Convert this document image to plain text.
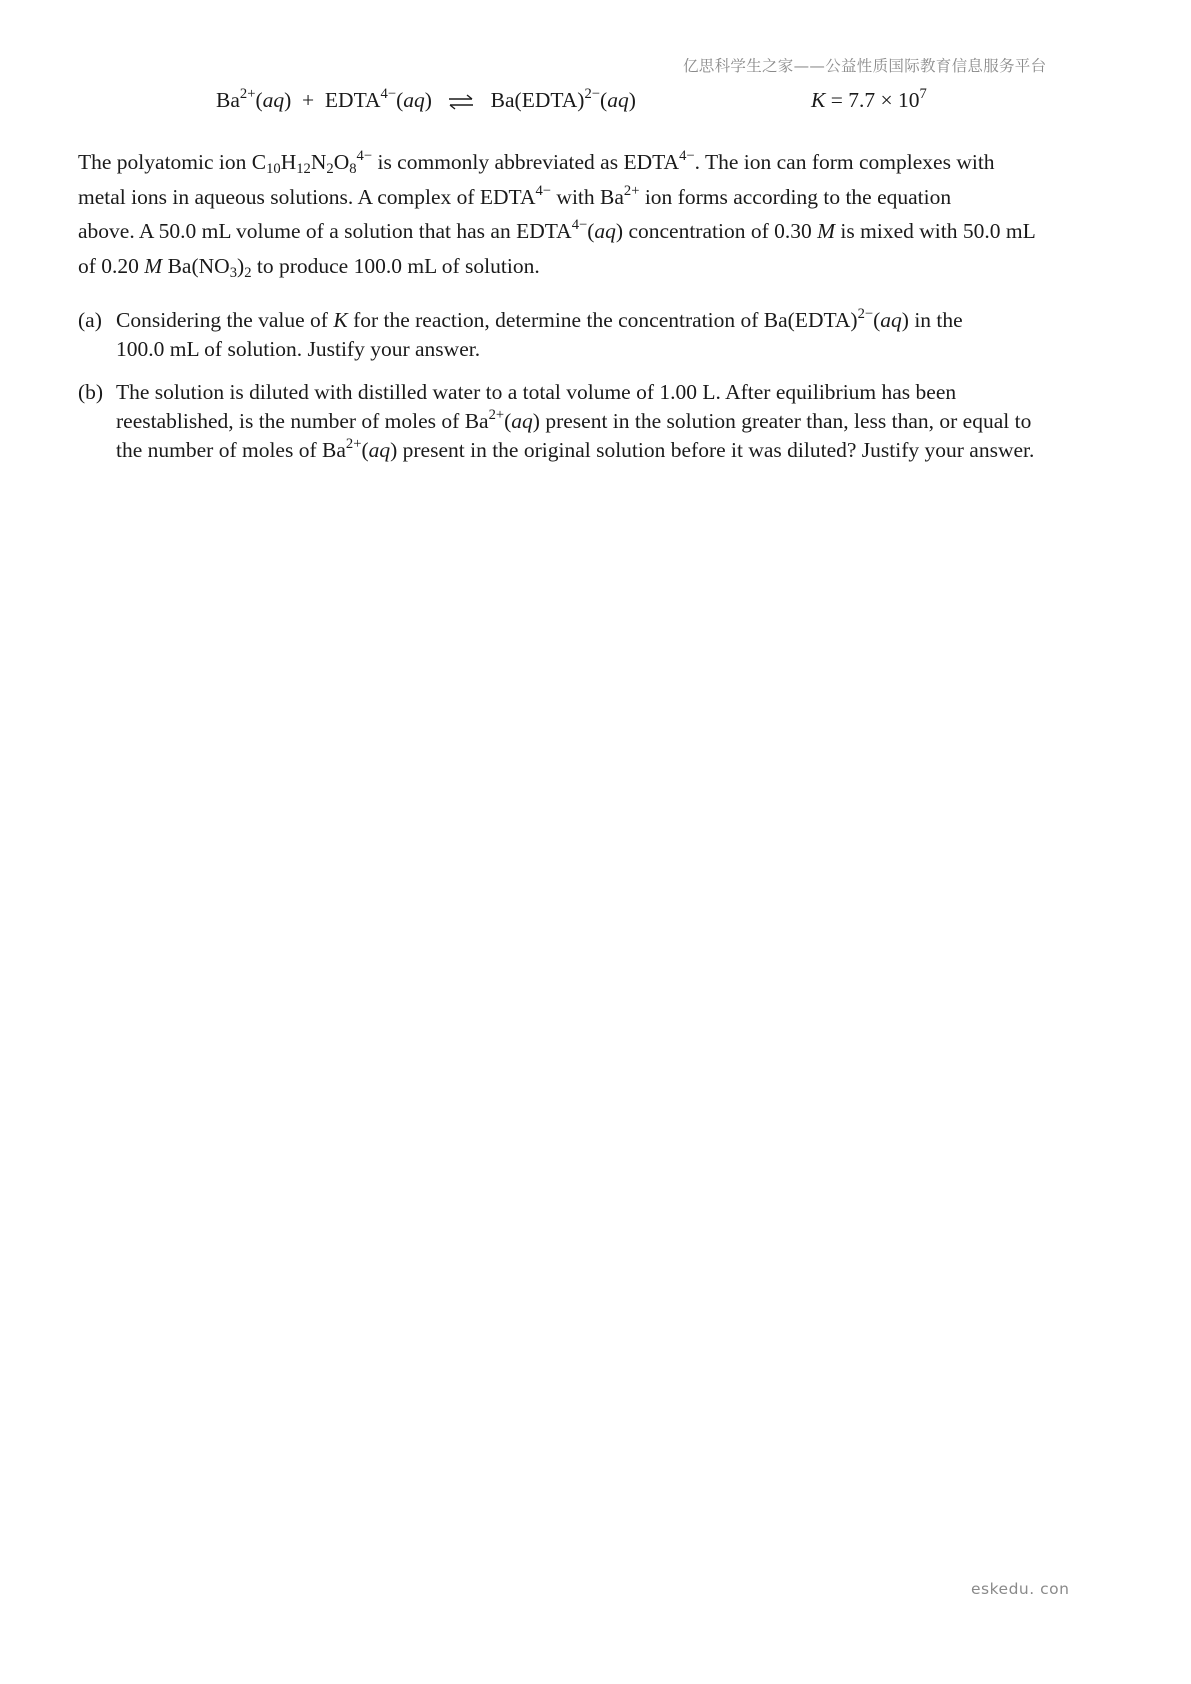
亿思科学生之家——公益性质国际教育信息服务平台
$Ba^{2+}(aq)$  + $EDTA^{4-}(aq)$ ⇌ Ba(EDTA)$^{2-}$(aq)	$K = 7.7 \times 10^7$
The polyatomic ion $C_{10}H_{12}N_2O_8^{4-}$ is commonly abbreviated as $EDTA^{4-}$. The ion can form complexes with
metal ions in aqueous solutions. A complex of $EDTA^{4-}$ with $Ba^{2+}$ ion forms according to the equation
above. A 50.0 mL volume of a solution that has an $EDTA^{4-}(aq)$ concentration of 0.30 M is mixed with 50.0 mL
of 0.20 M $Ba(NO_3)_2$ to produce 100.0 mL of solution.
(a) Considering the value of K for the reaction, determine the concentration of Ba(EDTA)$^{2-}$(aq) in the
100.0 mL of solution. Justify your answer.
(b) The solution is diluted with distilled water to a total volume of 1.00 L. After equilibrium has been
reestablished, is the number of moles of $Ba^{2+}(aq)$ present in the solution greater than, less than, or equal to
the number of moles of $Ba^{2+}(aq)$ present in the original solution before it was diluted? Justify your answer.
eskedu. con
